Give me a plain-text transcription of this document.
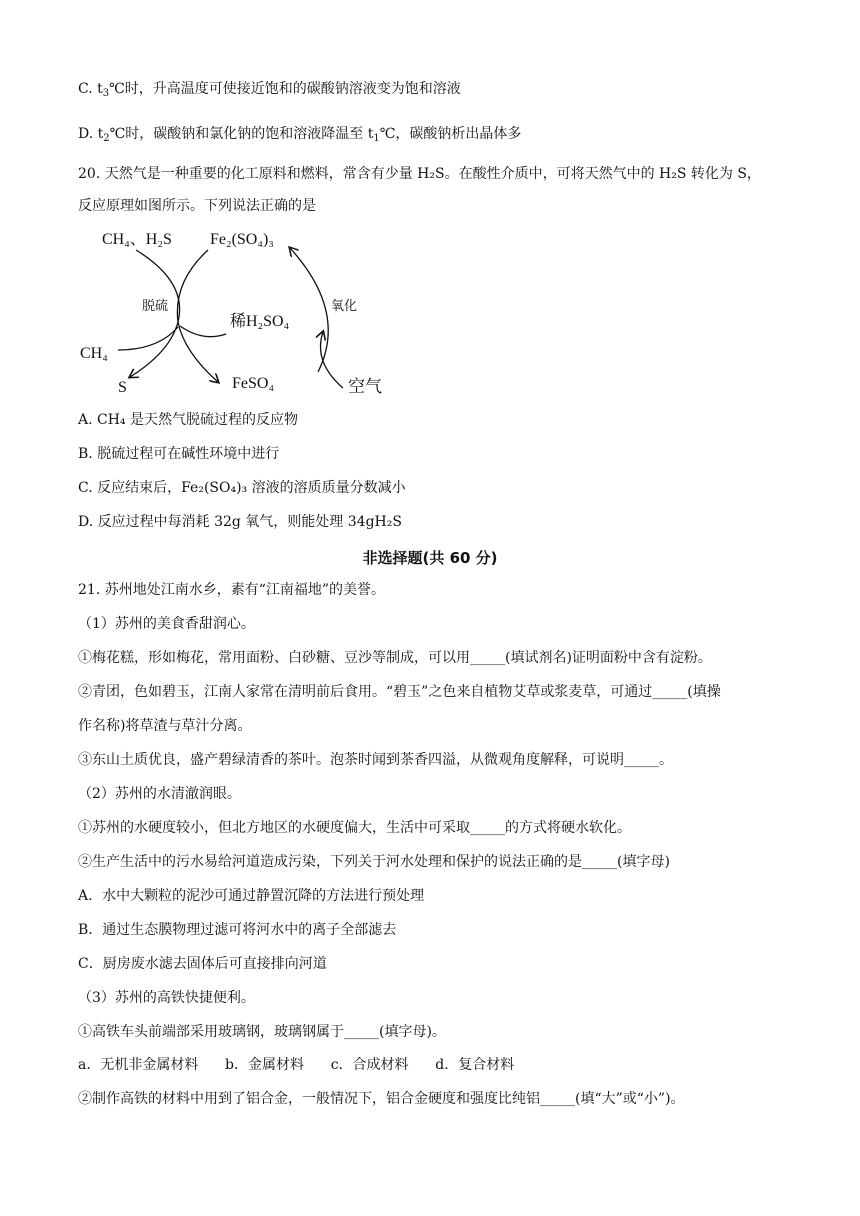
C. $t_3℃$时，升高温度可使接近饱和的碳酸钠溶液变为饱和溶液
D. $t_2℃$时，碳酸钠和氯化钠的饱和溶液降温至 $t_1℃$，碳酸钠析出晶体多
20. 天然气是一种重要的化工原料和燃料，常含有少量 H₂S。在酸性介质中，可将天然气中的 H₂S 转化为 S，
反应原理如图所示。下列说法正确的是
CH₄、H₂S Fe₂(SO₄)₃
脱硫
稀H₂SO₄
氧化
CH₄
S	FeSO₄	空气
A. CH₄ 是天然气脱硫过程的反应物
B. 脱硫过程可在碱性环境中进行
C. 反应结束后，Fe₂(SO₄)₃ 溶液的溶质质量分数减小
D. 反应过程中每消耗 32g 氧气，则能处理 34gH₂S
非选择题(共 60 分)
21. 苏州地处江南水乡，素有“江南福地”的美誉。
（1）苏州的美食香甜润心。
①梅花糕，形如梅花，常用面粉、白砂糖、豆沙等制成，可以用_____(填试剂名)证明面粉中含有淀粉。
②青团，色如碧玉，江南人家常在清明前后食用。“碧玉”之色来自植物艾草或浆麦草，可通过_____(填操
作名称)将草渣与草汁分离。
③东山土质优良，盛产碧绿清香的茶叶。泡茶时闻到茶香四溢，从微观角度解释，可说明_____。
（2）苏州的水清澈润眼。
①苏州的水硬度较小，但北方地区的水硬度偏大，生活中可采取_____的方式将硬水软化。
②生产生活中的污水易给河道造成污染，下列关于河水处理和保护的说法正确的是_____(填字母)
A．水中大颗粒的泥沙可通过静置沉降的方法进行预处理
B．通过生态膜物理过滤可将河水中的离子全部滤去
C．厨房废水滤去固体后可直接排向河道
（3）苏州的高铁快捷便利。
①高铁车头前端部采用玻璃钢，玻璃钢属于_____(填字母)。
a．无机非金属材料      b．金属材料      c．合成材料      d．复合材料
②制作高铁的材料中用到了铝合金，一般情况下，铝合金硬度和强度比纯铝_____(填“大”或“小”)。
